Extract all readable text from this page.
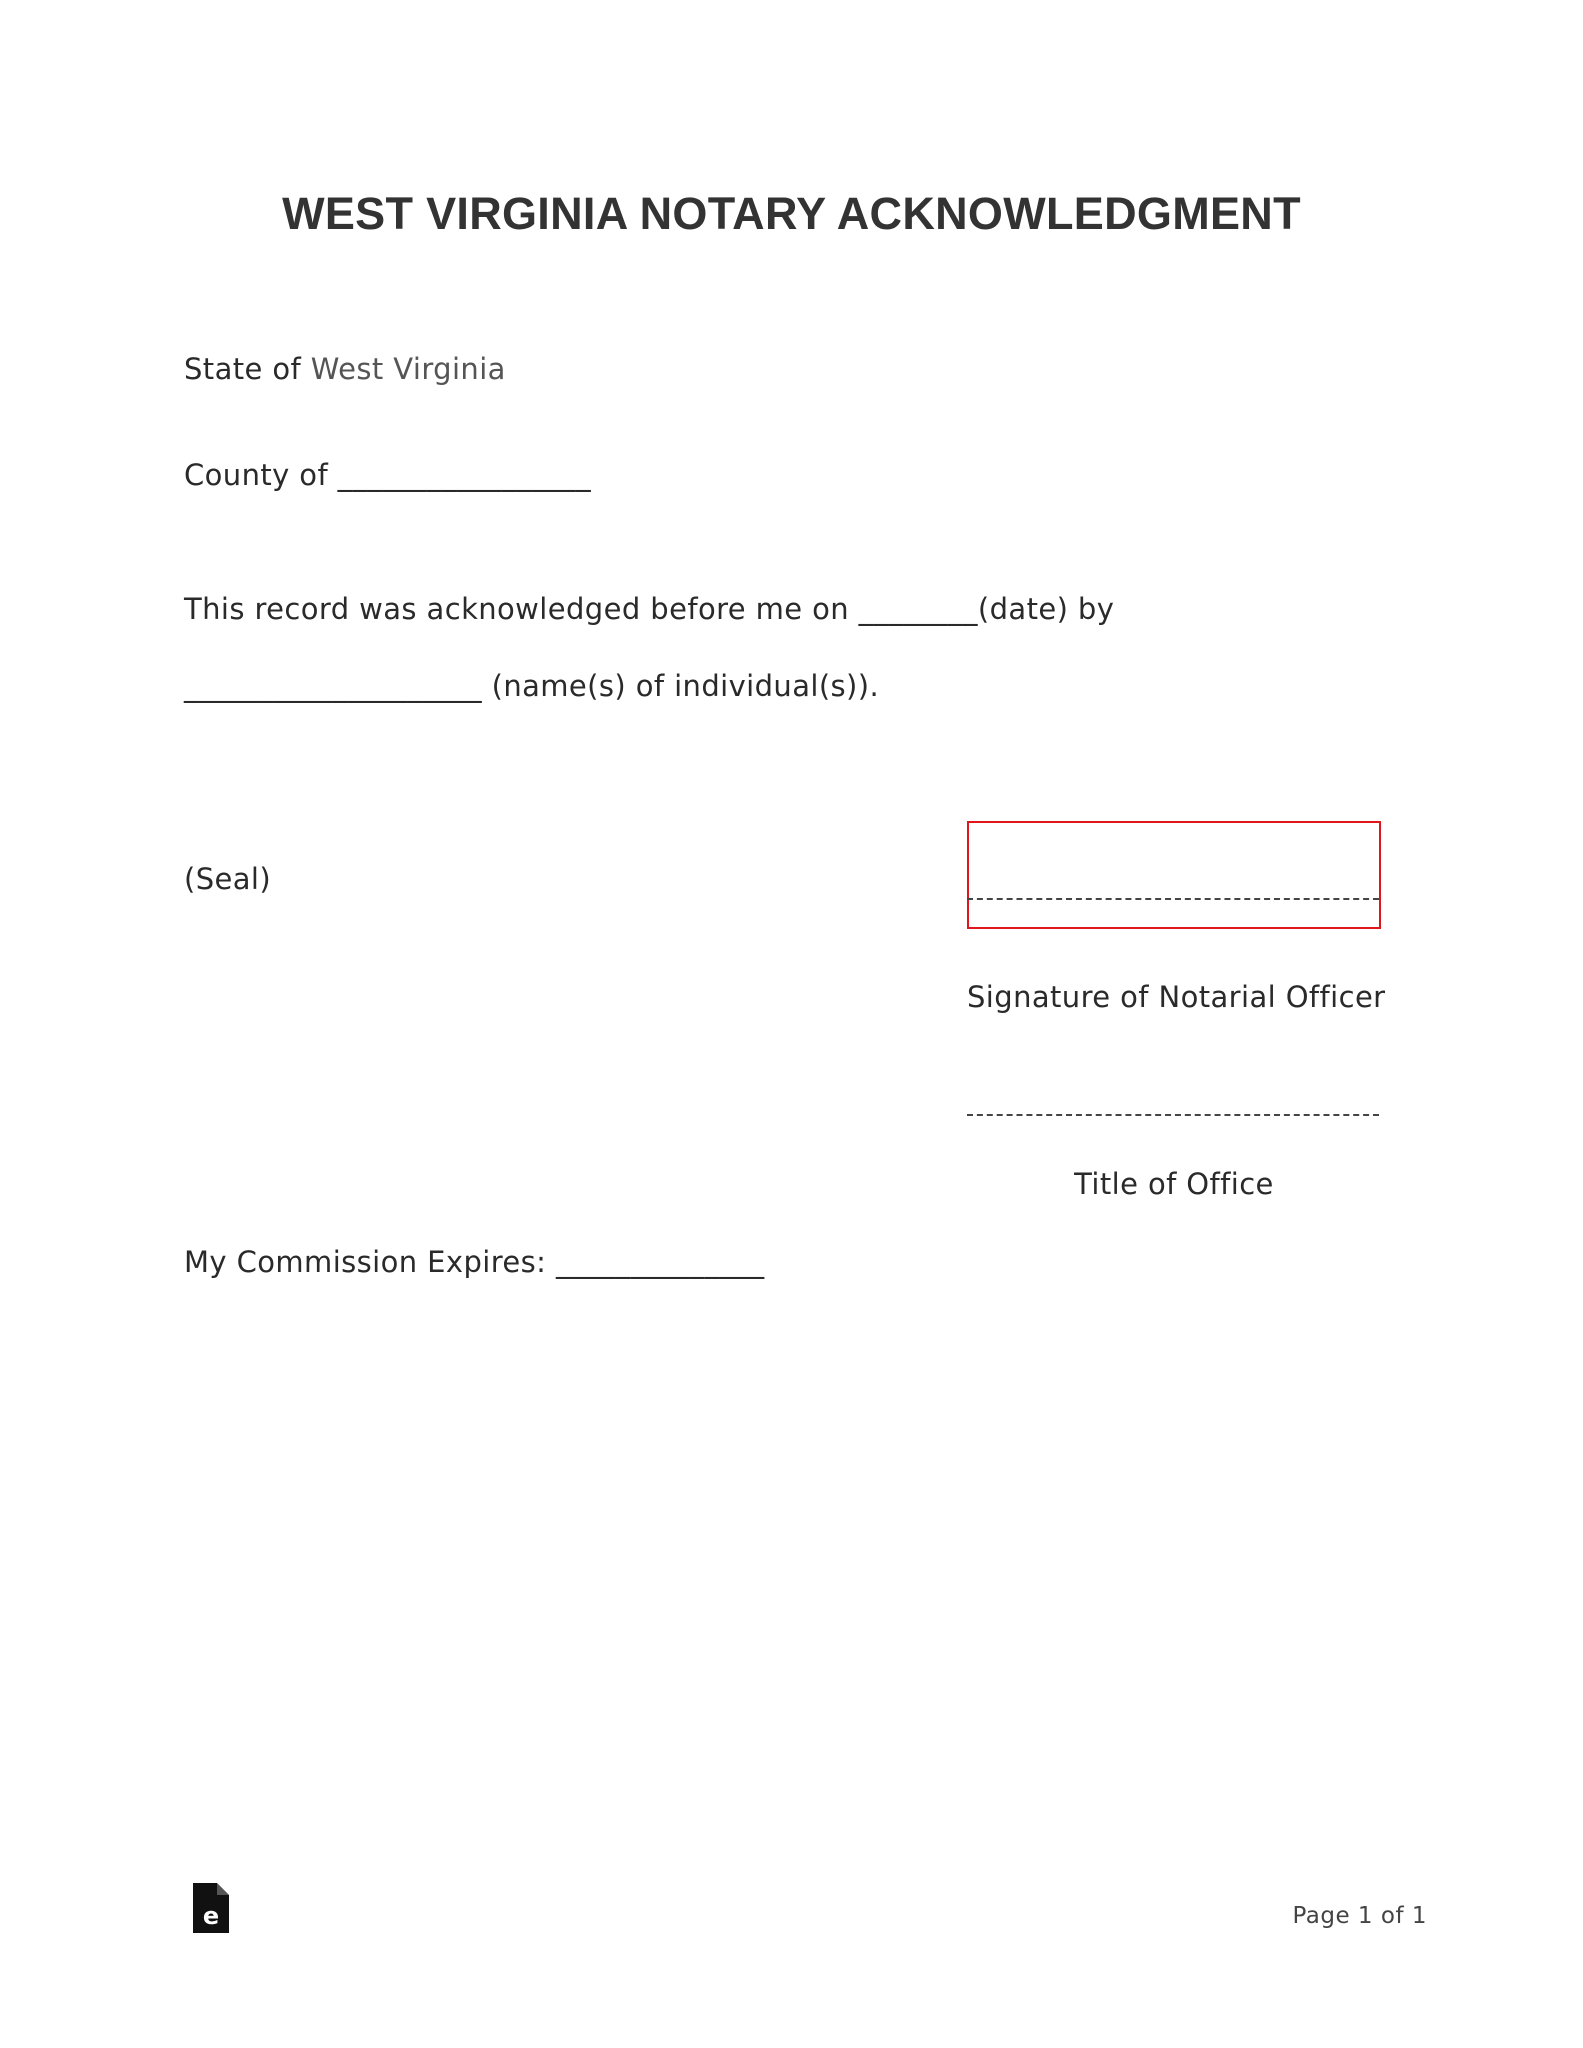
WEST VIRGINIA NOTARY ACKNOWLEDGMENT
State of West Virginia
County of _________________
This record was acknowledged before me on ________(date) by
____________________ (name(s) of individual(s)).
(Seal)
Signature of Notarial Officer
Title of Office
My Commission Expires: ______________
e	Page 1 of 1
